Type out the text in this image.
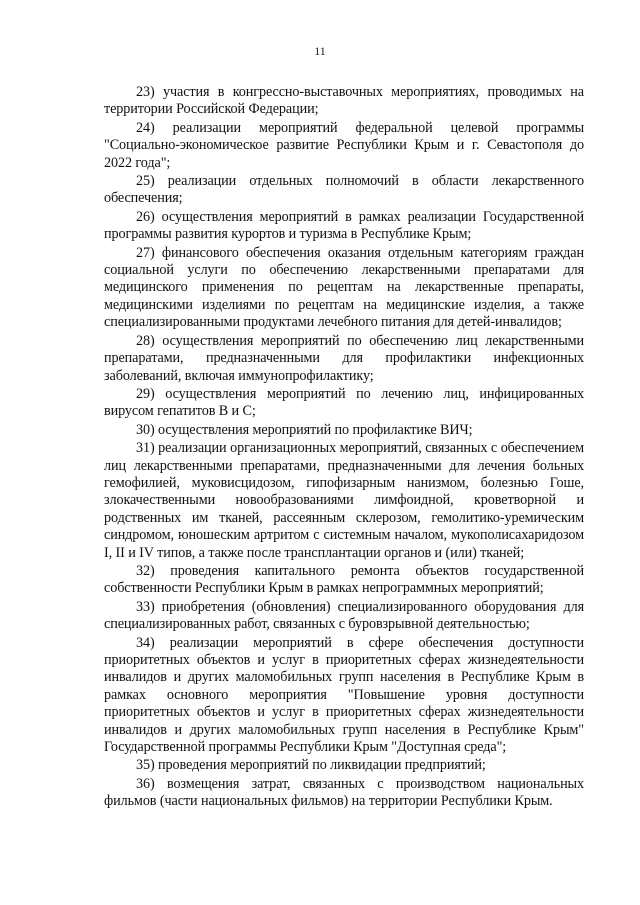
11

23) участия в конгрессно-выставочных мероприятиях, проводимых на территории Российской Федерации;

24) реализации мероприятий федеральной целевой программы "Социально-экономическое развитие Республики Крым и г. Севастополя до 2022 года";

25) реализации отдельных полномочий в области лекарственного обеспечения;

26) осуществления мероприятий в рамках реализации Государственной программы развития курортов и туризма в Республике Крым;

27) финансового обеспечения оказания отдельным категориям граждан социальной услуги по обеспечению лекарственными препаратами для медицинского применения по рецептам на лекарственные препараты, медицинскими изделиями по рецептам на медицинские изделия, а также специализированными продуктами лечебного питания для детей-инвалидов;

28) осуществления мероприятий по обеспечению лиц лекарственными препаратами, предназначенными для профилактики инфекционных заболеваний, включая иммунопрофилактику;

29) осуществления мероприятий по лечению лиц, инфицированных вирусом гепатитов В и С;

30) осуществления мероприятий по профилактике ВИЧ;

31) реализации организационных мероприятий, связанных с обеспечением лиц лекарственными препаратами, предназначенными для лечения больных гемофилией, муковисцидозом, гипофизарным нанизмом, болезнью Гоше, злокачественными новообразованиями лимфоидной, кроветворной и родственных им тканей, рассеянным склерозом, гемолитико-уремическим синдромом, юношеским артритом с системным началом, мукополисахаридозом I, II и IV типов, а также после трансплантации органов и (или) тканей;

32) проведения капитального ремонта объектов государственной собственности Республики Крым в рамках непрограммных мероприятий;

33) приобретения (обновления) специализированного оборудования для специализированных работ, связанных с буровзрывной деятельностью;

34) реализации мероприятий в сфере обеспечения доступности приоритетных объектов и услуг в приоритетных сферах жизнедеятельности инвалидов и других маломобильных групп населения в Республике Крым в рамках основного мероприятия "Повышение уровня доступности приоритетных объектов и услуг в приоритетных сферах жизнедеятельности инвалидов и других маломобильных групп населения в Республике Крым" Государственной программы Республики Крым "Доступная среда";

35) проведения мероприятий по ликвидации предприятий;

36) возмещения затрат, связанных с производством национальных фильмов (части национальных фильмов) на территории Республики Крым.
